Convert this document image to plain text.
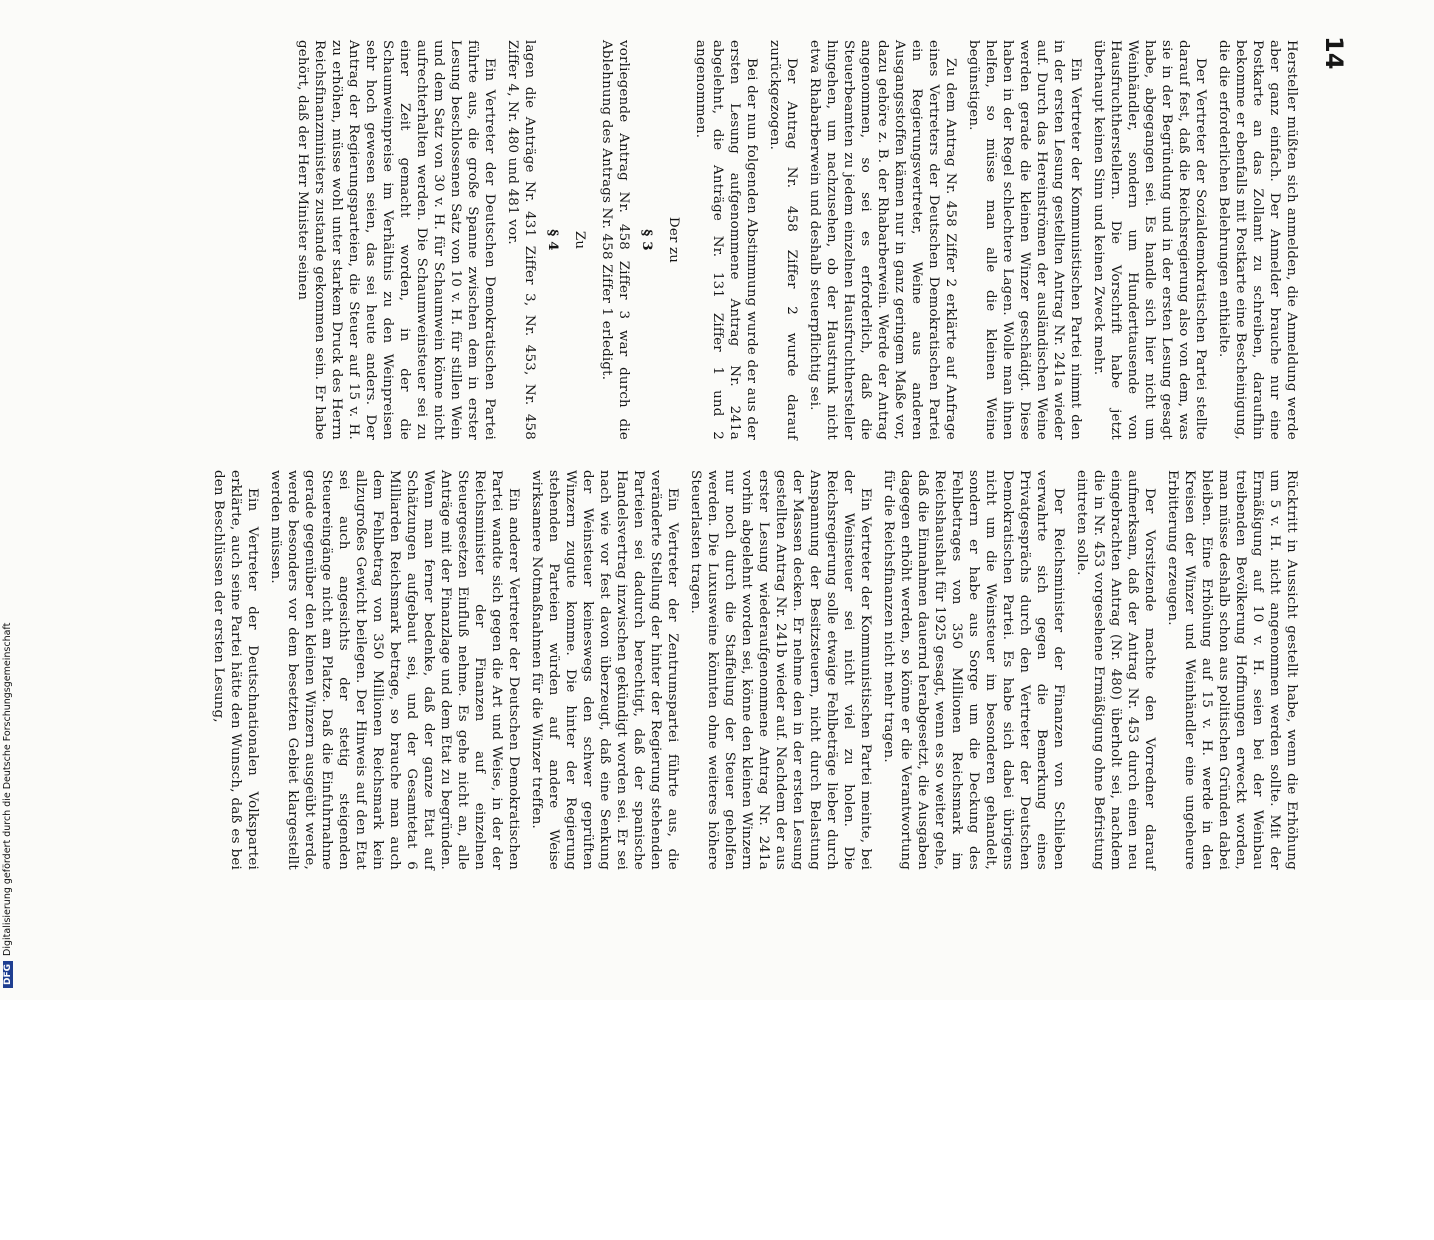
14

Hersteller müßten sich anmelden, die Anmeldung werde aber ganz einfach. Der Anmelder brauche nur eine Postkarte an das Zollamt zu schreiben, daraufhin bekomme er ebenfalls mit Postkarte eine Bescheinigung, die die erforderlichen Belehrungen enthielte.

Der Vertreter der Sozialdemokratischen Partei stellte darauf fest, daß die Reichsregierung also von dem, was sie in der Begründung und in der ersten Lesung gesagt habe, abgegangen sei. Es handle sich hier nicht um Weinhändler, sondern um Hunderttausende von Hausfruchtherstellern. Die Vorschrift habe jetzt überhaupt keinen Sinn und keinen Zweck mehr.

Ein Vertreter der Kommunistischen Partei nimmt den in der ersten Lesung gestellten Antrag Nr. 241a wieder auf. Durch das Hereinströmen der ausländischen Weine werden gerade die kleinen Winzer geschädigt. Diese haben in der Regel schlechtere Lagen. Wolle man ihnen helfen, so müsse man alle die kleinen Weine begünstigen.

Zu dem Antrag Nr. 458 Ziffer 2 erklärte auf Anfrage eines Vertreters der Deutschen Demokratischen Partei ein Regierungsvertreter, Weine aus anderen Ausgangsstoffen kämen nur in ganz geringem Maße vor, dazu gehöre z. B. der Rhabarberwein. Werde der Antrag angenommen, so sei es erforderlich, daß die Steuerbeamten zu jedem einzelnen Hausfruchthersteller hingehen, um nachzusehen, ob der Haustrunk nicht etwa Rhabarberwein und deshalb steuerpflichtig sei.

Der Antrag Nr. 458 Ziffer 2 wurde darauf zurückgezogen.

Bei der nun folgenden Abstimmung wurde der aus der ersten Lesung aufgenommene Antrag Nr. 241a abgelehnt, die Anträge Nr. 131 Ziffer 1 und 2 angenommen.

Der zu

§ 3

vorliegende Antrag Nr. 458 Ziffer 3 war durch die Ablehnung des Antrags Nr. 458 Ziffer 1 erledigt.

Zu

§ 4

lagen die Anträge Nr. 431 Ziffer 3, Nr. 453, Nr. 458 Ziffer 4, Nr. 480 und 481 vor.

Ein Vertreter der Deutschen Demokratischen Partei führte aus, die große Spanne zwischen dem in erster Lesung beschlossenen Satz von 10 v. H. für stillen Wein und dem Satz von 30 v. H. für Schaumwein könne nicht aufrechterhalten werden. Die Schaumweinsteuer sei zu einer Zeit gemacht worden, in der die Schaumweinpreise im Verhältnis zu den Weinpreisen sehr hoch gewesen seien, das sei heute anders. Der Antrag der Regierungsparteien, die Steuer auf 15 v. H. zu erhöhen, müsse wohl unter starkem Druck des Herrn Reichsfinanzministers zustande gekommen sein. Er habe gehört, daß der Herr Minister seinen

Rücktritt in Aussicht gestellt habe, wenn die Erhöhung um 5 v. H. nicht angenommen werden sollte. Mit der Ermäßigung auf 10 v. H. seien bei der Weinbau treibenden Bevölkerung Hoffnungen erweckt worden, man müsse deshalb schon aus politischen Gründen dabei bleiben. Eine Erhöhung auf 15 v. H. werde in den Kreisen der Winzer und Weinhändler eine ungeheure Erbitterung erzeugen.

Der Vorsitzende machte den Vorredner darauf aufmerksam, daß der Antrag Nr. 453 durch einen neu eingebrachten Antrag (Nr. 480) überholt sei, nachdem die in Nr. 453 vorgesehene Ermäßigung ohne Befristung eintreten solle.

Der Reichsminister der Finanzen von Schlieben verwahrte sich gegen die Bemerkung eines Privatgesprächs durch den Vertreter der Deutschen Demokratischen Partei. Es habe sich dabei übrigens nicht um die Weinsteuer im besonderen gehandelt, sondern er habe aus Sorge um die Deckung des Fehlbetrages von 350 Millionen Reichsmark im Reichshaushalt für 1925 gesagt, wenn es so weiter gehe, daß die Einnahmen dauernd herabgesetzt, die Ausgaben dagegen erhöht werden, so könne er die Verantwortung für die Reichsfinanzen nicht mehr tragen.

Ein Vertreter der Kommunistischen Partei meinte, bei der Weinsteuer sei nicht viel zu holen. Die Reichsregierung solle etwaige Fehlbeträge lieber durch Anspannung der Besitzsteuern, nicht durch Belastung der Massen decken. Er nehme den in der ersten Lesung gestellten Antrag Nr. 241b wieder auf. Nachdem der aus erster Lesung wiederaufgenommene Antrag Nr. 241a vorhin abgelehnt worden sei, könne den kleinen Winzern nur noch durch die Staffelung der Steuer geholfen werden. Die Luxusweine könnten ohne weiteres höhere Steuerlasten tragen.

Ein Vertreter der Zentrumspartei führte aus, die veränderte Stellung der hinter der Regierung stehenden Parteien sei dadurch berechtigt, daß der spanische Handelsvertrag inzwischen gekündigt worden sei. Er sei nach wie vor fest davon überzeugt, daß eine Senkung der Weinsteuer keineswegs den schwer geprüften Winzern zugute komme. Die hinter der Regierung stehenden Parteien würden auf andere Weise wirksamere Notmaßnahmen für die Winzer treffen.

Ein anderer Vertreter der Deutschen Demokratischen Partei wandte sich gegen die Art und Weise, in der der Reichsminister der Finanzen auf einzelnen Steuergesetzen Einfluß nehme. Es gehe nicht an, alle Anträge mit der Finanzlage und dem Etat zu begründen. Wenn man ferner bedenke, daß der ganze Etat auf Schätzungen aufgebaut sei, und der Gesamtetat 6 Milliarden Reichsmark betrage, so brauche man auch dem Fehlbetrag von 350 Millionen Reichsmark kein allzugroßes Gewicht beilegen. Der Hinweis auf den Etat sei auch angesichts der stetig steigenden Steuereingänge nicht am Platze. Daß die Einfuhrnahme gerade gegenüber den kleinen Winzern ausgeübt werde, werde besonders vor dem besetzten Gebiet klargestellt werden müssen.

Ein Vertreter der Deutschnationalen Volkspartei erklärte, auch seine Partei hätte den Wunsch, daß es bei den Beschlüssen der ersten Lesung,

DFGDigitalisierung gefördert durch die Deutsche Forschungsgemeinschaft
